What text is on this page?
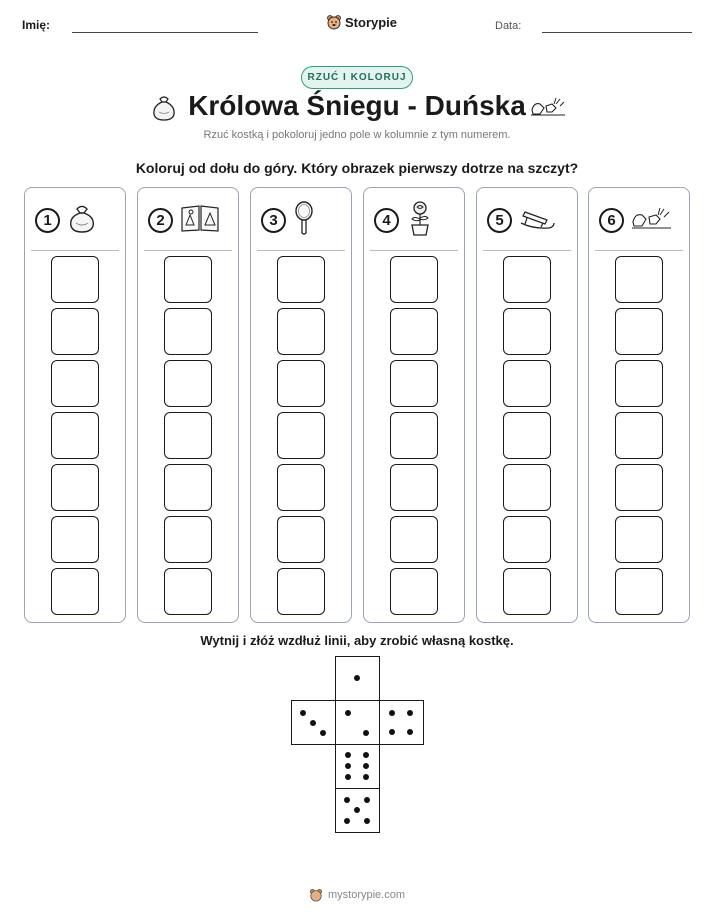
Imię:	Storypie	Data:
RZUĆ I KOLORUJ
Królowa Śniegu - Duńska
Rzuć kostką i pokoloruj jedno pole w kolumnie z tym numerem.
Koloruj od dołu do góry. Który obrazek pierwszy dotrze na szczyt?
1	2	3	4	5	6
Wytnij i złóż wzdłuż linii, aby zrobić własną kostkę.
mystorypie.com
